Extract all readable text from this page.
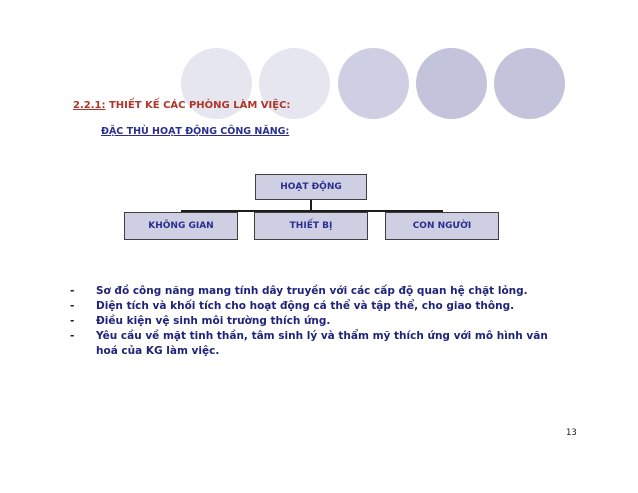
2.2.1: THIẾT KẾ CÁC PHÒNG LÀM VIỆC:
ĐẶC THÙ HOẠT ĐỘNG CÔNG NĂNG:
HOẠT ĐỘNG
KHÔNG GIAN	THIẾT BỊ	CON NGƯỜI
- Sơ đồ công năng mang tính dây truyền với các cấp độ quan hệ chặt lỏng.
- Diện tích và khối tích cho hoạt động cá thể và tập thể, cho giao thông.
- Điều kiện vệ sinh môi trường thích ứng.
- Yêu cầu về mặt tinh thần, tâm sinh lý và thẩm mỹ thích ứng với mô hình văn hoá của KG làm việc.
13
